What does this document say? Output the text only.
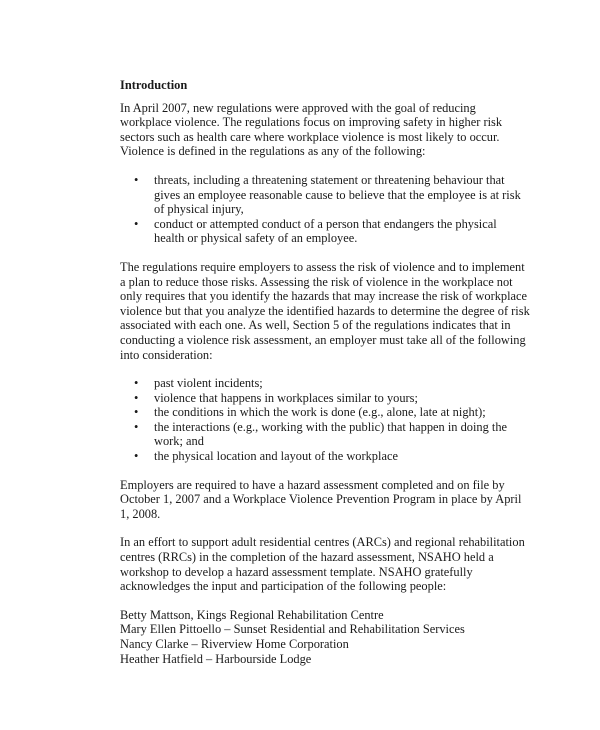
Introduction

In April 2007, new regulations were approved with the goal of reducing workplace violence. The regulations focus on improving safety in higher risk sectors such as health care where workplace violence is most likely to occur. Violence is defined in the regulations as any of the following:

• threats, including a threatening statement or threatening behaviour that gives an employee reasonable cause to believe that the employee is at risk of physical injury,
• conduct or attempted conduct of a person that endangers the physical health or physical safety of an employee.

The regulations require employers to assess the risk of violence and to implement a plan to reduce those risks. Assessing the risk of violence in the workplace not only requires that you identify the hazards that may increase the risk of workplace violence but that you analyze the identified hazards to determine the degree of risk associated with each one. As well, Section 5 of the regulations indicates that in conducting a violence risk assessment, an employer must take all of the following into consideration:

• past violent incidents;
• violence that happens in workplaces similar to yours;
• the conditions in which the work is done (e.g., alone, late at night);
• the interactions (e.g., working with the public) that happen in doing the work; and
• the physical location and layout of the workplace

Employers are required to have a hazard assessment completed and on file by October 1, 2007 and a Workplace Violence Prevention Program in place by April 1, 2008.

In an effort to support adult residential centres (ARCs) and regional rehabilitation centres (RRCs) in the completion of the hazard assessment, NSAHO held a workshop to develop a hazard assessment template. NSAHO gratefully acknowledges the input and participation of the following people:

Betty Mattson, Kings Regional Rehabilitation Centre
Mary Ellen Pittoello – Sunset Residential and Rehabilitation Services
Nancy Clarke – Riverview Home Corporation
Heather Hatfield – Harbourside Lodge
